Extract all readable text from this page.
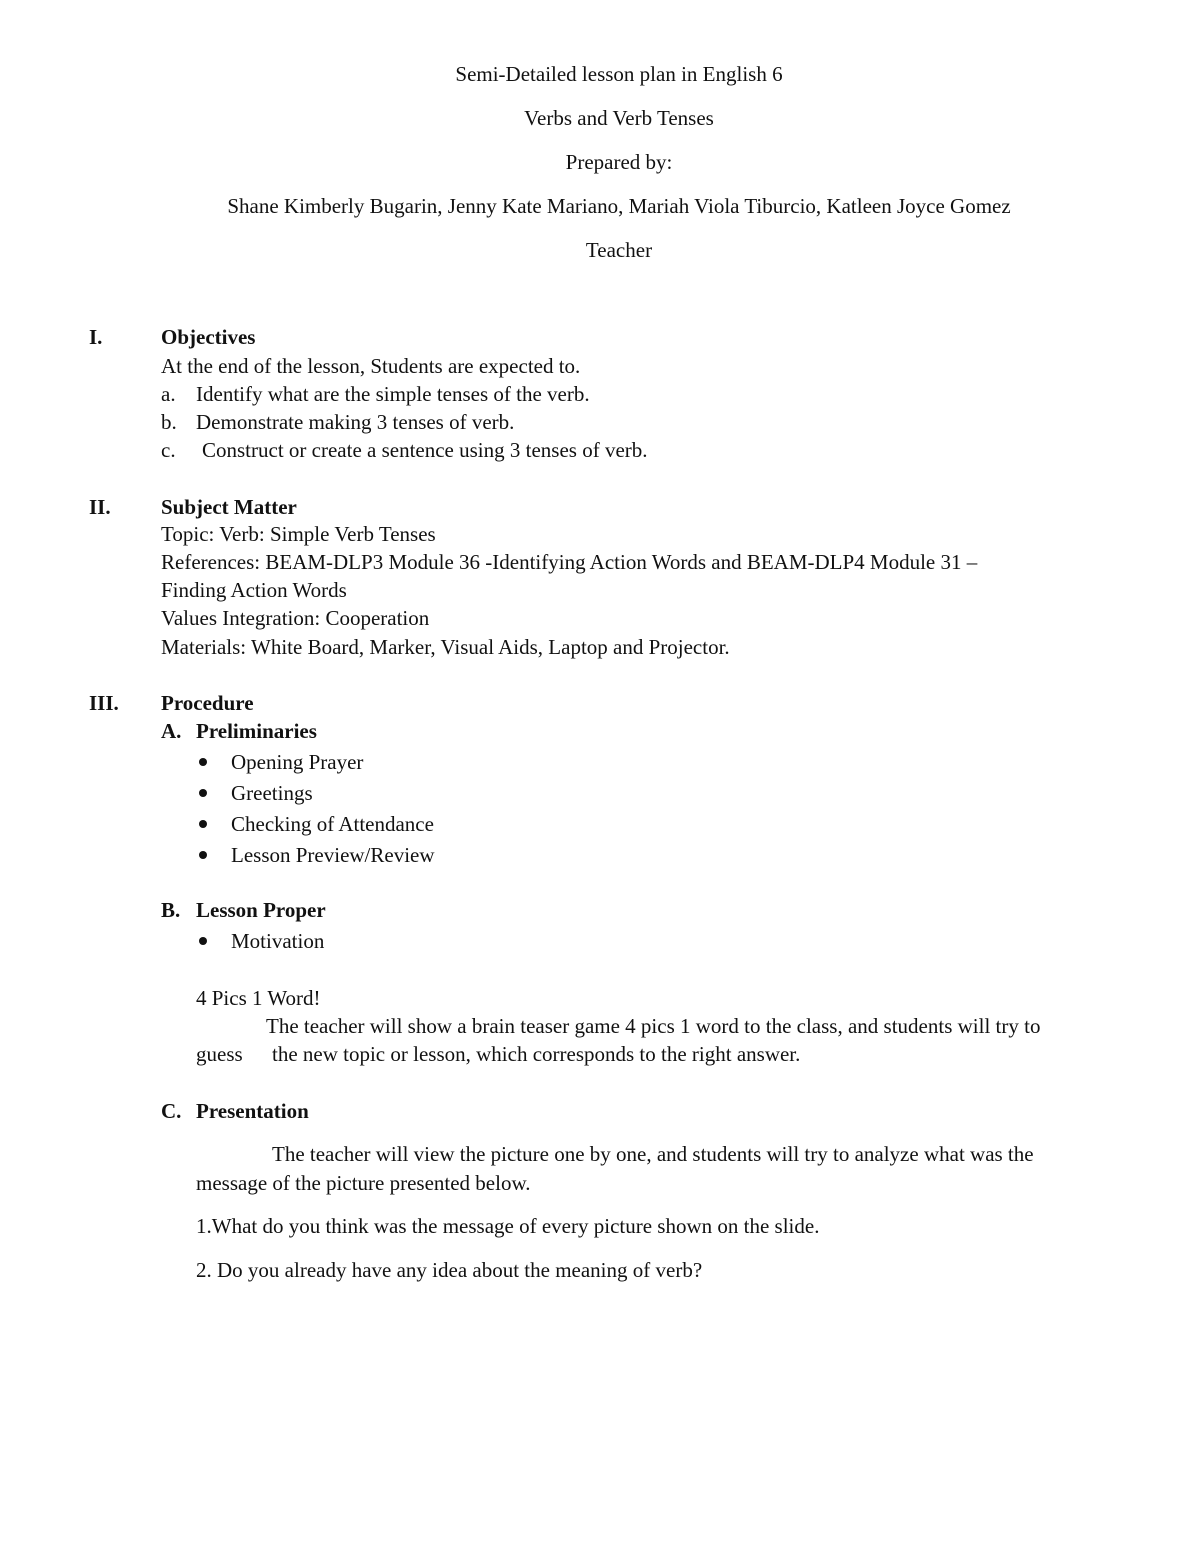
Semi-Detailed lesson plan in English 6
Verbs and Verb Tenses
Prepared by:
Shane Kimberly Bugarin, Jenny Kate Mariano, Mariah Viola Tiburcio, Katleen Joyce Gomez
Teacher
I.	Objectives
At the end of the lesson, Students are expected to.
a. Identify what are the simple tenses of the verb.
b. Demonstrate making 3 tenses of verb.
c. Construct or create a sentence using 3 tenses of verb.
II. Subject Matter
Topic: Verb: Simple Verb Tenses
References: BEAM-DLP3 Module 36 -Identifying Action Words and BEAM-DLP4 Module 31 –
Finding Action Words
Values Integration: Cooperation
Materials: White Board, Marker, Visual Aids, Laptop and Projector.
III. Procedure
A. Preliminaries
Opening Prayer
Greetings
Checking of Attendance
Lesson Preview/Review
B. Lesson Proper
Motivation
4 Pics 1 Word!
The teacher will show a brain teaser game 4 pics 1 word to the class, and students will try to
guess the new topic or lesson, which corresponds to the right answer.
C. Presentation
The teacher will view the picture one by one, and students will try to analyze what was the
message of the picture presented below.
1.What do you think was the message of every picture shown on the slide.
2. Do you already have any idea about the meaning of verb?
